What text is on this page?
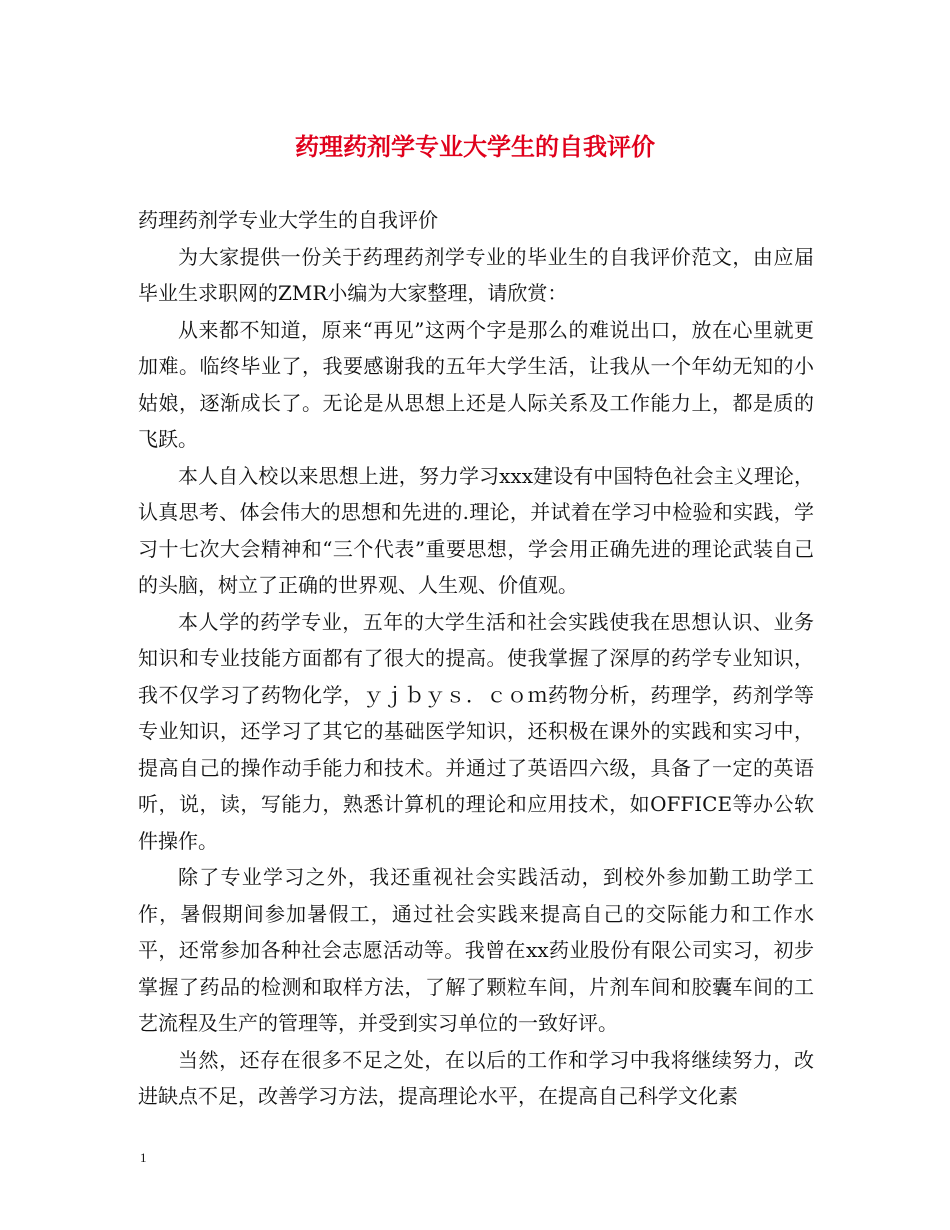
药理药剂学专业大学生的自我评价

药理药剂学专业大学生的自我评价

为大家提供一份关于药理药剂学专业的毕业生的自我评价范文，由应届毕业生求职网的ZMR小编为大家整理，请欣赏：

从来都不知道，原来“再见”这两个字是那么的难说出口，放在心里就更加难。临终毕业了，我要感谢我的五年大学生活，让我从一个年幼无知的小姑娘，逐渐成长了。无论是从思想上还是人际关系及工作能力上，都是质的飞跃。

本人自入校以来思想上进，努力学习xxx建设有中国特色社会主义理论，认真思考、体会伟大的思想和先进的.理论，并试着在学习中检验和实践，学习十七次大会精神和“三个代表”重要思想，学会用正确先进的理论武装自己的头脑，树立了正确的世界观、人生观、价值观。

本人学的药学专业，五年的大学生活和社会实践使我在思想认识、业务知识和专业技能方面都有了很大的提高。使我掌握了深厚的药学专业知识，我不仅学习了药物化学，ｙｊｂｙｓ．ｃｏｍ药物分析，药理学，药剂学等专业知识，还学习了其它的基础医学知识，还积极在课外的实践和实习中，提高自己的操作动手能力和技术。并通过了英语四六级，具备了一定的英语听，说，读，写能力，熟悉计算机的理论和应用技术，如OFFICE等办公软件操作。

除了专业学习之外，我还重视社会实践活动，到校外参加勤工助学工作，暑假期间参加暑假工，通过社会实践来提高自己的交际能力和工作水平，还常参加各种社会志愿活动等。我曾在xx药业股份有限公司实习，初步掌握了药品的检测和取样方法，了解了颗粒车间，片剂车间和胶囊车间的工艺流程及生产的管理等，并受到实习单位的一致好评。

当然，还存在很多不足之处，在以后的工作和学习中我将继续努力，改进缺点不足，改善学习方法，提高理论水平，在提高自己科学文化素

1
